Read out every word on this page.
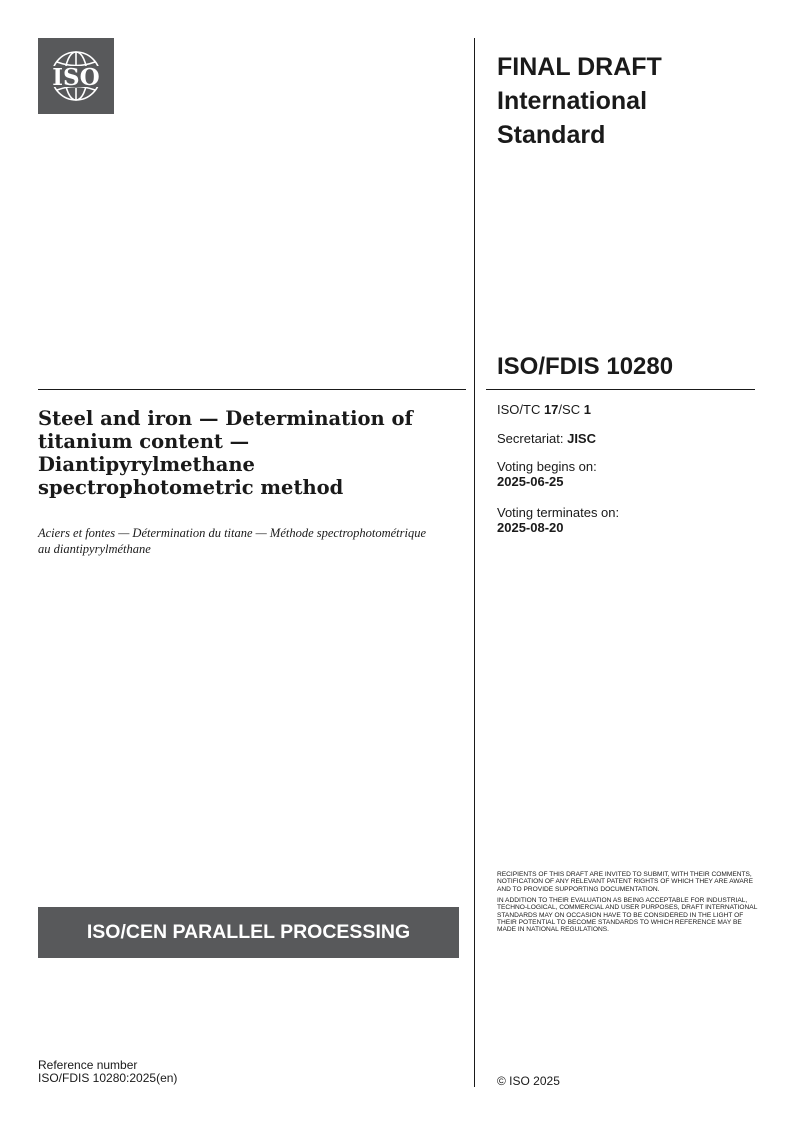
ISO	FINAL DRAFT
International
Standard
ISO/FDIS 10280
Steel and iron — Determination of titanium content — Diantipyrylmethane spectrophotometric method
Aciers et fontes — Détermination du titane — Méthode spectrophotométrique au diantipyrylméthane
ISO/TC 17/SC 1
Secretariat: JISC
Voting begins on:
2025-06-25
Voting terminates on:
2025-08-20
ISO/CEN PARALLEL PROCESSING

RECIPIENTS OF THIS DRAFT ARE INVITED TO SUBMIT, WITH THEIR COMMENTS, NOTIFICATION OF ANY RELEVANT PATENT RIGHTS OF WHICH THEY ARE AWARE AND TO PROVIDE SUPPORTING DOCUMENTATION.

IN ADDITION TO THEIR EVALUATION AS BEING ACCEPTABLE FOR INDUSTRIAL, TECHNO-LOGICAL, COMMERCIAL AND USER PURPOSES, DRAFT INTERNATIONAL STANDARDS MAY ON OCCASION HAVE TO BE CONSIDERED IN THE LIGHT OF THEIR POTENTIAL TO BECOME STANDARDS TO WHICH REFERENCE MAY BE MADE IN NATIONAL REGULATIONS.

Reference number
ISO/FDIS 10280:2025(en)	© ISO 2025
